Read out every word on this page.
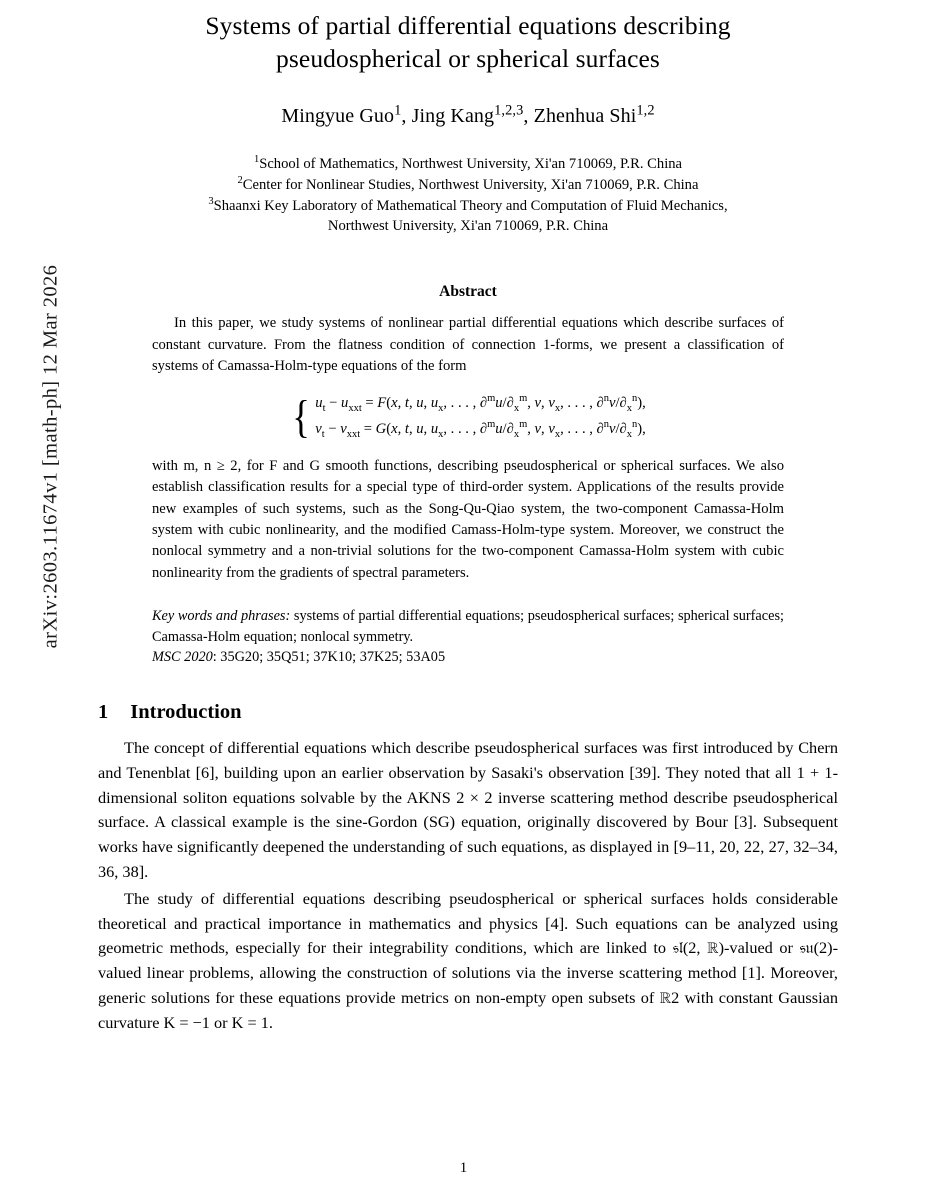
arXiv:2603.11674v1 [math-ph] 12 Mar 2026
Systems of partial differential equations describing
pseudospherical or spherical surfaces
Mingyue Guo$^1$, Jing Kang$^{1,2,3}$, Zhenhua Shi$^{1,2}$
$^1$School of Mathematics, Northwest University, Xi'an 710069, P.R. China
$^2$Center for Nonlinear Studies, Northwest University, Xi'an 710069, P.R. China
$^3$Shaanxi Key Laboratory of Mathematical Theory and Computation of Fluid Mechanics,
Northwest University, Xi'an 710069, P.R. China
Abstract

In this paper, we study systems of nonlinear partial differential equations which describe surfaces of constant curvature. From the flatness condition of connection 1-forms, we present a classification of systems of Camassa-Holm-type equations of the form

{ $u_t - u_{xxt} = F(x$, t, u, $u_x$, . . . , $\partial^mu/\partial_x^m$, v, $v_x$, . . . , $\partial^nv/\partial_x^n$),
$v_t - v_{xxt} = G(x$, t, u, $u_x$, . . . , $\partial^mu/\partial_x^m$, v, $v_x$, . . . , $\partial^nv/\partial_x^n$),

with m, n ≥ 2, for F and G smooth functions, describing pseudospherical or spherical surfaces. We also establish classification results for a special type of third-order system. Applications of the results provide new examples of such systems, such as the Song-Qu-Qiao system, the two-component Camassa-Holm system with cubic nonlinearity, and the modified Camass-Holm-type system. Moreover, we construct the nonlocal symmetry and a non-trivial solutions for the two-component Camassa-Holm system with cubic nonlinearity from the gradients of spectral parameters.

Key words and phrases: systems of partial differential equations; pseudospherical surfaces; spherical surfaces; Camassa-Holm equation; nonlocal symmetry.
MSC 2020: 35G20; 35Q51; 37K10; 37K25; 53A05
1 Introduction

The concept of differential equations which describe pseudospherical surfaces was first introduced by Chern and Tenenblat [6], building upon an earlier observation by Sasaki's observation [39]. They noted that all 1 + 1-dimensional soliton equations solvable by the AKNS 2 × 2 inverse scattering method describe pseudospherical surface. A classical example is the sine-Gordon (SG) equation, originally discovered by Bour [3]. Subsequent works have significantly deepened the understanding of such equations, as displayed in [9–11, 20, 22, 27, 32–34, 36, 38].

The study of differential equations describing pseudospherical or spherical surfaces holds considerable theoretical and practical importance in mathematics and physics [4]. Such equations can be analyzed using geometric methods, especially for their integrability conditions, which are linked to 𝔰𝔩(2, ℝ)-valued or 𝔰𝔲(2)-valued linear problems, allowing the construction of solutions via the inverse scattering method [1]. Moreover, generic solutions for these equations provide metrics on non-empty open subsets of ℝ2 with constant Gaussian curvature K = −1 or K = 1.

1
